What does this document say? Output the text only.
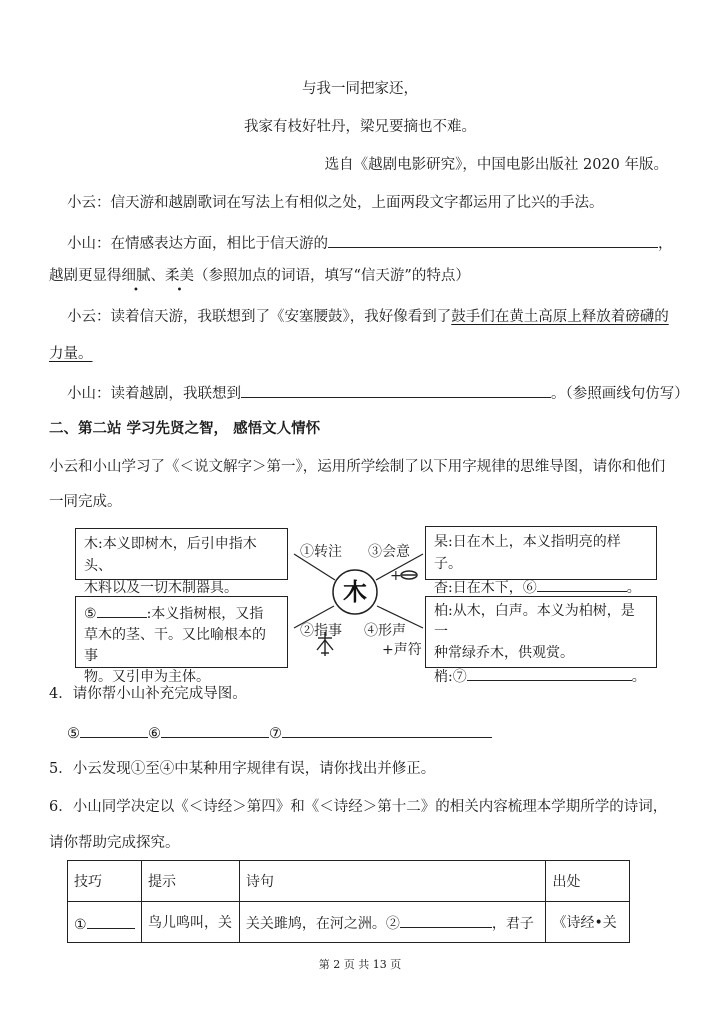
与我一同把家还，
我家有枝好牡丹，梁兄要摘也不难。
选自《越剧电影研究》，中国电影出版社 2020 年版。
小云：信天游和越剧歌词在写法上有相似之处，上面两段文字都运用了比兴的手法。
小山：在情感表达方面，相比于信天游的	，
越剧更显得细腻、柔美（参照加点的词语，填写“信天游”的特点）
小云：读着信天游，我联想到了《安塞腰鼓》，我好像看到了鼓手们在黄土高原上释放着磅礴的
力量。
小山：读着越剧，我联想到	。（参照画线句仿写）
二、第二站 学习先贤之智， 感悟文人情怀
小云和小山学习了《＜说文解字＞第一》，运用所学绘制了以下用字规律的思维导图，请你和他们
一同完成。
木:本义即树木，后引申指木头、
木料以及一切木制器具。
杲:日在木上，本义指明亮的样子。
杳:日在木下，⑥	。
⑤	:本义指树根，又指
草木的茎、干。又比喻根本的事
物。又引申为主体。
柏:从木，白声。本义为柏树，是一
种常绿乔木，供观赏。
梢:⑦	。
木
+
①转注 ③会意
②指事 ④形声
+声符
4．请你帮小山补充完成导图。
⑤	⑥	⑦
5．小云发现①至④中某种用字规律有误，请你找出并修正。
6．小山同学决定以《＜诗经＞第四》和《＜诗经＞第十二》的相关内容梳理本学期所学的诗词，
请你帮助完成探究。
技巧	提示	诗句	出处
①	鸟儿鸣叫，关	关关雎鸠，在河之洲。② ，君子	《诗经•关
第 2 页 共 13 页
